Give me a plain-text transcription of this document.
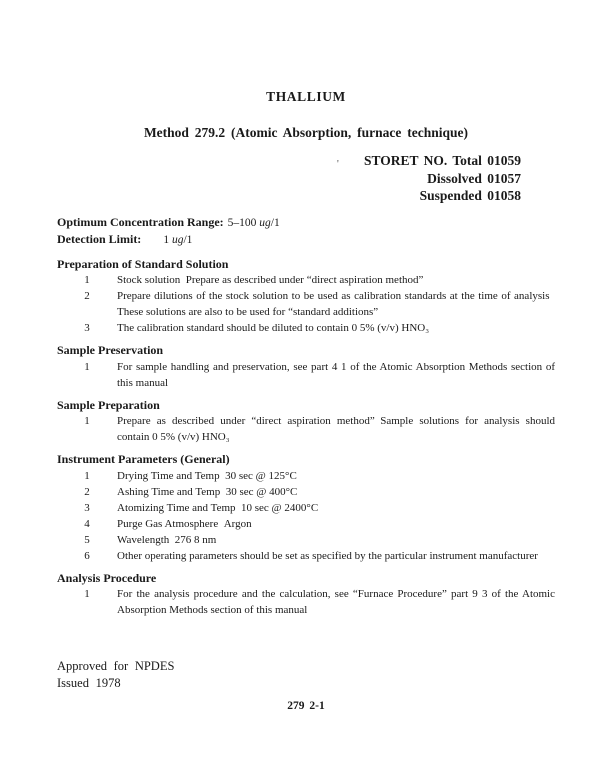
THALLIUM
Method 279.2 (Atomic Absorption, furnace technique)
'	STORET NO. Total 01059
Dissolved 01057
Suspended 01058
Optimum Concentration Range: 5–100 ug/1
Detection Limit: 1 ug/1
Preparation of Standard Solution
1	Stock solution Prepare as described under “direct aspiration method”
2	Prepare dilutions of the stock solution to be used as calibration standards at the time of analysis These solutions are also to be used for “standard additions”
3	The calibration standard should be diluted to contain 0 5% (v/v) HNO₃
Sample Preservation
1	For sample handling and preservation, see part 4 1 of the Atomic Absorption Methods section of this manual
Sample Preparation
1	Prepare as described under “direct aspiration method” Sample solutions for analysis should contain 0 5% (v/v) HNO₃
Instrument Parameters (General)
1	Drying Time and Temp 30 sec @ 125°C
2	Ashing Time and Temp 30 sec @ 400°C
3	Atomizing Time and Temp 10 sec @ 2400°C
4	Purge Gas Atmosphere Argon
5	Wavelength 276 8 nm
6	Other operating parameters should be set as specified by the particular instrument manufacturer
Analysis Procedure
1	For the analysis procedure and the calculation, see “Furnace Procedure” part 9 3 of the Atomic Absorption Methods section of this manual
Approved for NPDES
Issued 1978
279 2-1
